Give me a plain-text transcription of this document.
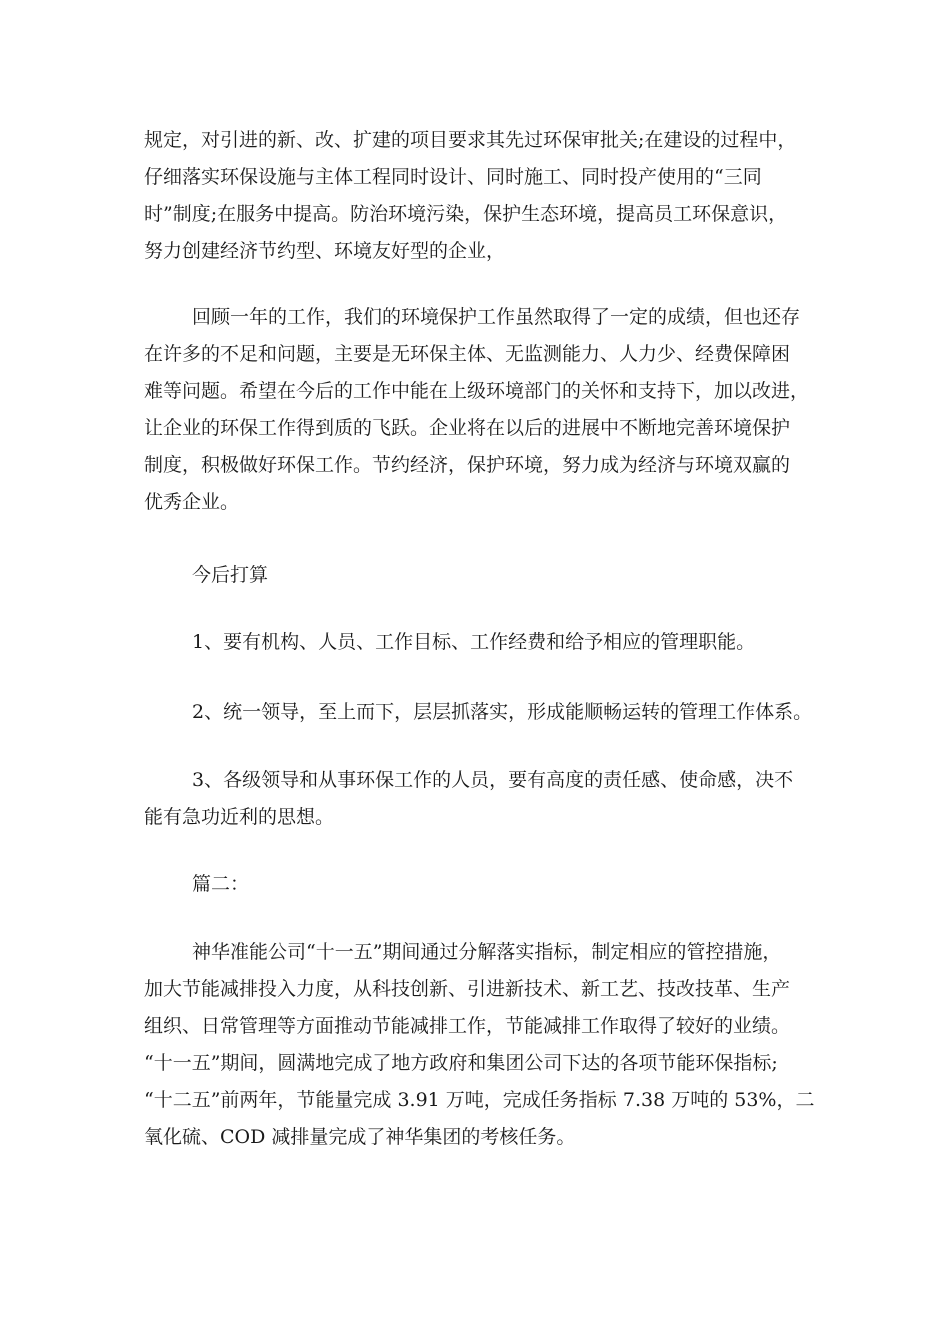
规定，对引进的新、改、扩建的项目要求其先过环保审批关;在建设的过程中，
仔细落实环保设施与主体工程同时设计、同时施工、同时投产使用的“三同
时”制度;在服务中提高。防治环境污染，保护生态环境，提高员工环保意识，
努力创建经济节约型、环境友好型的企业，
回顾一年的工作，我们的环境保护工作虽然取得了一定的成绩，但也还存
在许多的不足和问题，主要是无环保主体、无监测能力、人力少、经费保障困
难等问题。希望在今后的工作中能在上级环境部门的关怀和支持下，加以改进，
让企业的环保工作得到质的飞跃。企业将在以后的进展中不断地完善环境保护
制度，积极做好环保工作。节约经济，保护环境，努力成为经济与环境双赢的
优秀企业。
今后打算
1、要有机构、人员、工作目标、工作经费和给予相应的管理职能。
2、统一领导，至上而下，层层抓落实，形成能顺畅运转的管理工作体系。
3、各级领导和从事环保工作的人员，要有高度的责任感、使命感，决不
能有急功近利的思想。
篇二：
神华准能公司“十一五”期间通过分解落实指标，制定相应的管控措施，
加大节能减排投入力度，从科技创新、引进新技术、新工艺、技改技革、生产
组织、日常管理等方面推动节能减排工作，节能减排工作取得了较好的业绩。
“十一五”期间，圆满地完成了地方政府和集团公司下达的各项节能环保指标;
“十二五”前两年，节能量完成 3.91 万吨，完成任务指标 7.38 万吨的 53%，二
氧化硫、COD 减排量完成了神华集团的考核任务。
